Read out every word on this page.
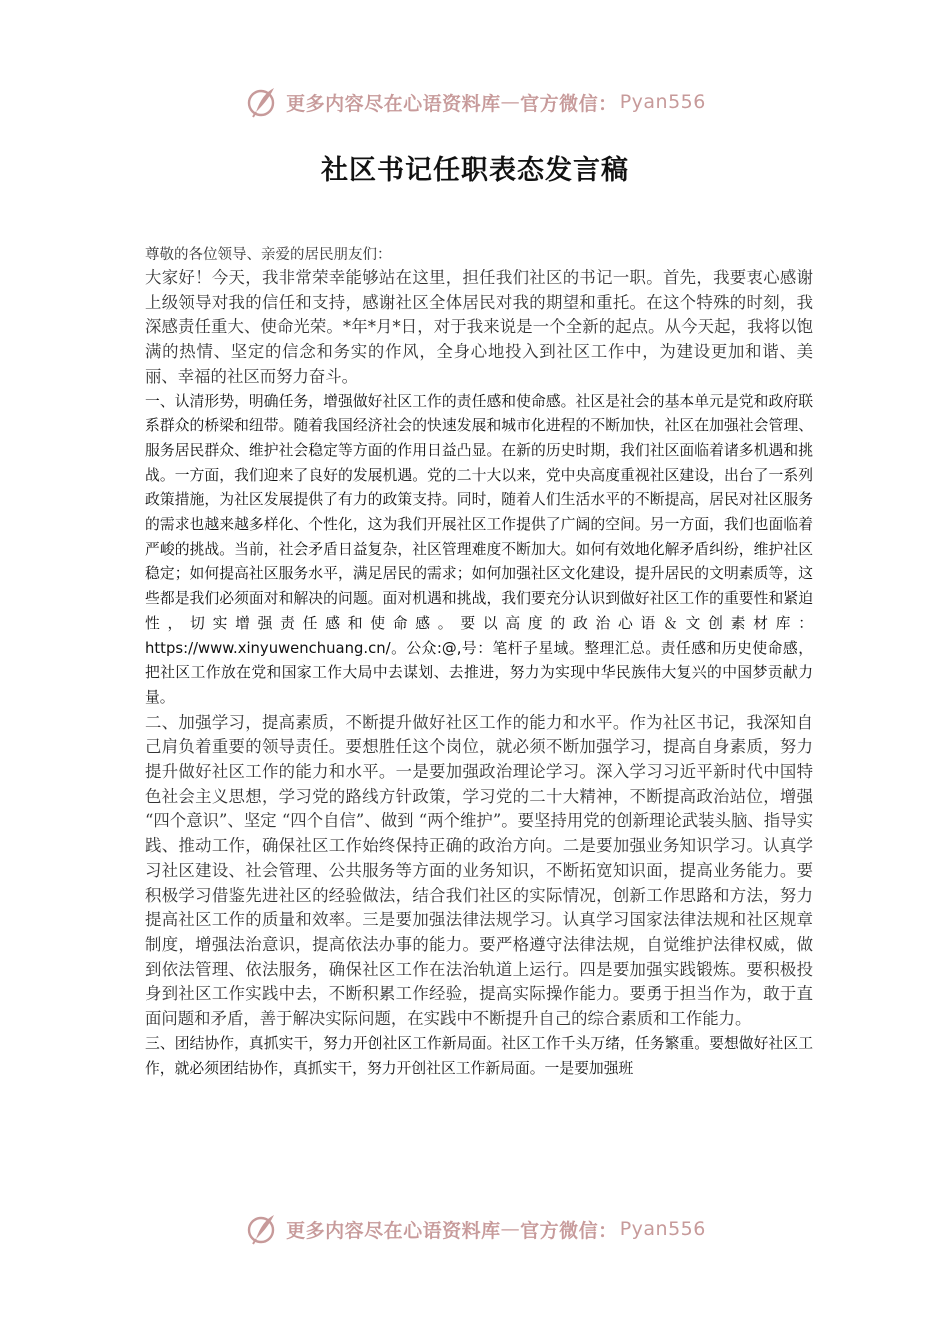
更多内容尽在心语资料库 — 官方微信： Pyan556
社区书记任职表态发言稿

尊敬的各位领导、亲爱的居民朋友们：

大家好！今天，我非常荣幸能够站在这里，担任我们社区的书记一职。首先，我要衷心感谢上级领导对我的信任和支持，感谢社区全体居民对我的期望和重托。在这个特殊的时刻，我深感责任重大、使命光荣。*年*月*日，对于我来说是一个全新的起点。从今天起，我将以饱满的热情、坚定的信念和务实的作风，全身心地投入到社区工作中，为建设更加和谐、美丽、幸福的社区而努力奋斗。

一、认清形势，明确任务，增强做好社区工作的责任感和使命感。社区是社会的基本单元是党和政府联系群众的桥梁和纽带。随着我国经济社会的快速发展和城市化进程的不断加快，社区在加强社会管理、服务居民群众、维护社会稳定等方面的作用日益凸显。在新的历史时期，我们社区面临着诸多机遇和挑战。一方面，我们迎来了良好的发展机遇。党的二十大以来，党中央高度重视社区建设，出台了一系列政策措施，为社区发展提供了有力的政策支持。同时，随着人们生活水平的不断提高，居民对社区服务的需求也越来越多样化、个性化，这为我们开展社区工作提供了广阔的空间。另一方面，我们也面临着严峻的挑战。当前，社会矛盾日益复杂，社区管理难度不断加大。如何有效地化解矛盾纠纷，维护社区稳定；如何提高社区服务水平，满足居民的需求；如何加强社区文化建设，提升居民的文明素质等，这些都是我们必须面对和解决的问题。面对机遇和挑战，我们要充分认识到做好社区工作的重要性和紧迫性，切实增强责任感和使命感。要以高度的政治心语＆文创素材库：https://www.xinyuwenchuang.cn/。公众:@,号：笔杆子星域。整理汇总。责任感和历史使命感，把社区工作放在党和国家工作大局中去谋划、去推进，努力为实现中华民族伟大复兴的中国梦贡献力量。

二、加强学习，提高素质，不断提升做好社区工作的能力和水平。作为社区书记，我深知自己肩负着重要的领导责任。要想胜任这个岗位，就必须不断加强学习，提高自身素质，努力提升做好社区工作的能力和水平。一是要加强政治理论学习。深入学习习近平新时代中国特色社会主义思想，学习党的路线方针政策，学习党的二十大精神，不断提高政治站位，增强 “四个意识”、坚定 “四个自信”、做到 “两个维护”。要坚持用党的创新理论武装头脑、指导实践、推动工作，确保社区工作始终保持正确的政治方向。二是要加强业务知识学习。认真学习社区建设、社会管理、公共服务等方面的业务知识，不断拓宽知识面，提高业务能力。要积极学习借鉴先进社区的经验做法，结合我们社区的实际情况，创新工作思路和方法，努力提高社区工作的质量和效率。三是要加强法律法规学习。认真学习国家法律法规和社区规章制度，增强法治意识，提高依法办事的能力。要严格遵守法律法规，自觉维护法律权威，做到依法管理、依法服务，确保社区工作在法治轨道上运行。四是要加强实践锻炼。要积极投身到社区工作实践中去，不断积累工作经验，提高实际操作能力。要勇于担当作为，敢于直面问题和矛盾，善于解决实际问题，在实践中不断提升自己的综合素质和工作能力。

三、团结协作，真抓实干，努力开创社区工作新局面。社区工作千头万绪，任务繁重。要想做好社区工作，就必须团结协作，真抓实干，努力开创社区工作新局面。一是要加强班

更多内容尽在心语资料库 — 官方微信： Pyan556
